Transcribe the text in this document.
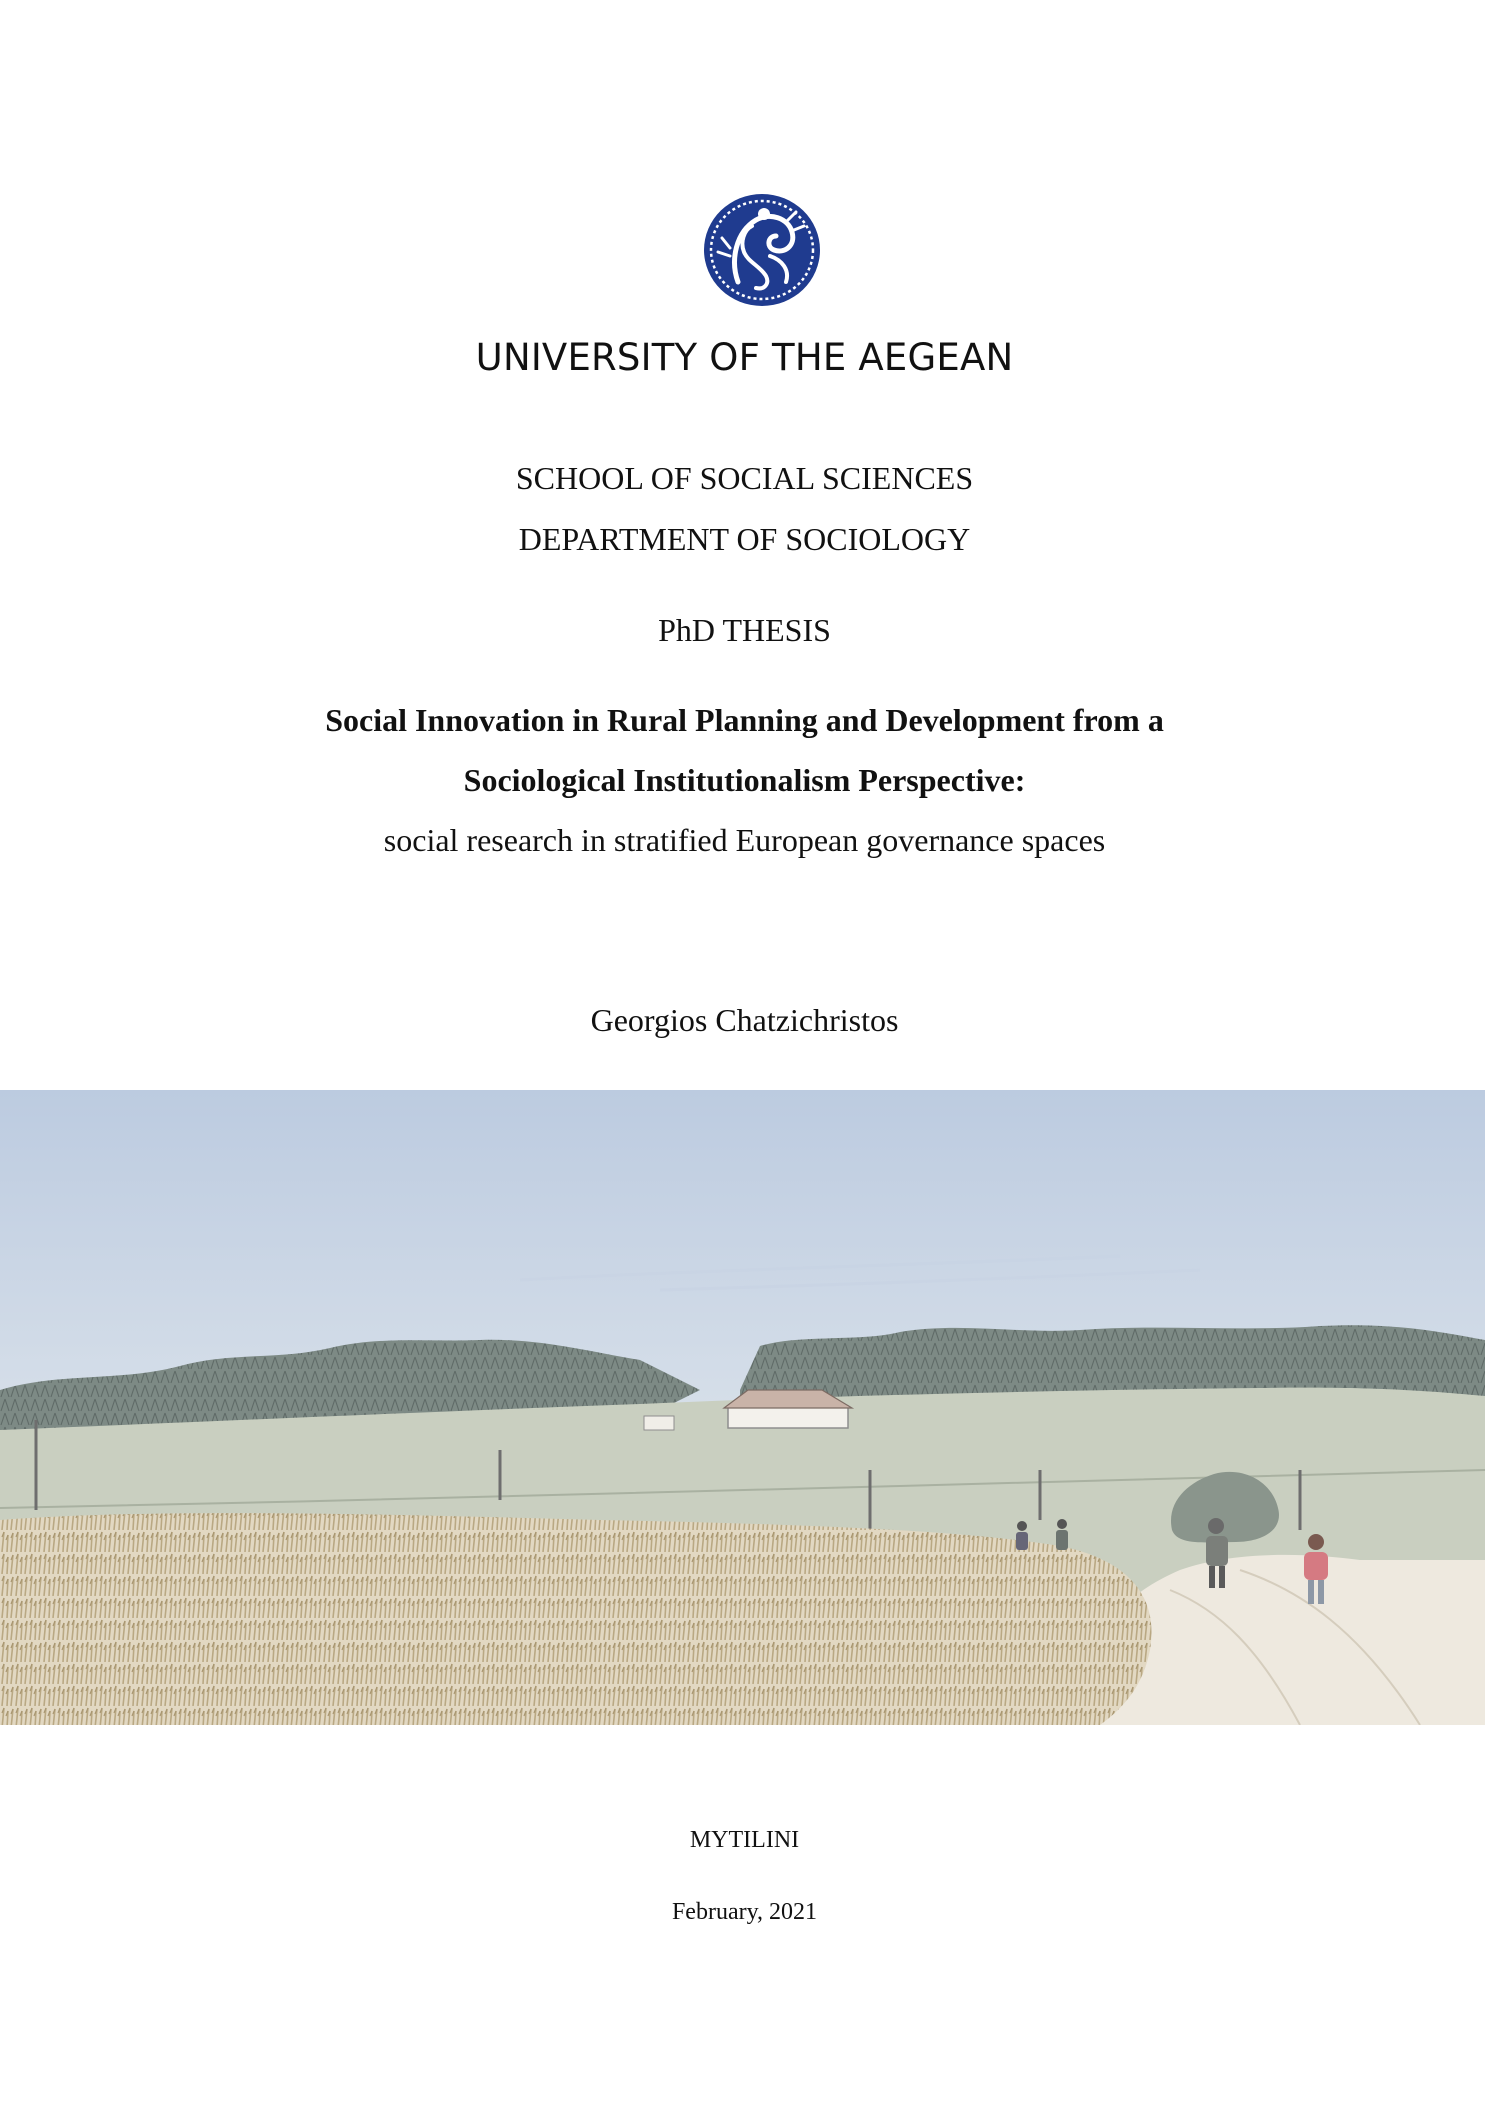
UNIVERSITY OF THE AEGEAN
SCHOOL OF SOCIAL SCIENCES
DEPARTMENT OF SOCIOLOGY
PhD THESIS
Social Innovation in Rural Planning and Development from a
Sociological Institutionalism Perspective:
social research in stratified European governance spaces
Georgios Chatzichristos
MYTILINI
February, 2021
